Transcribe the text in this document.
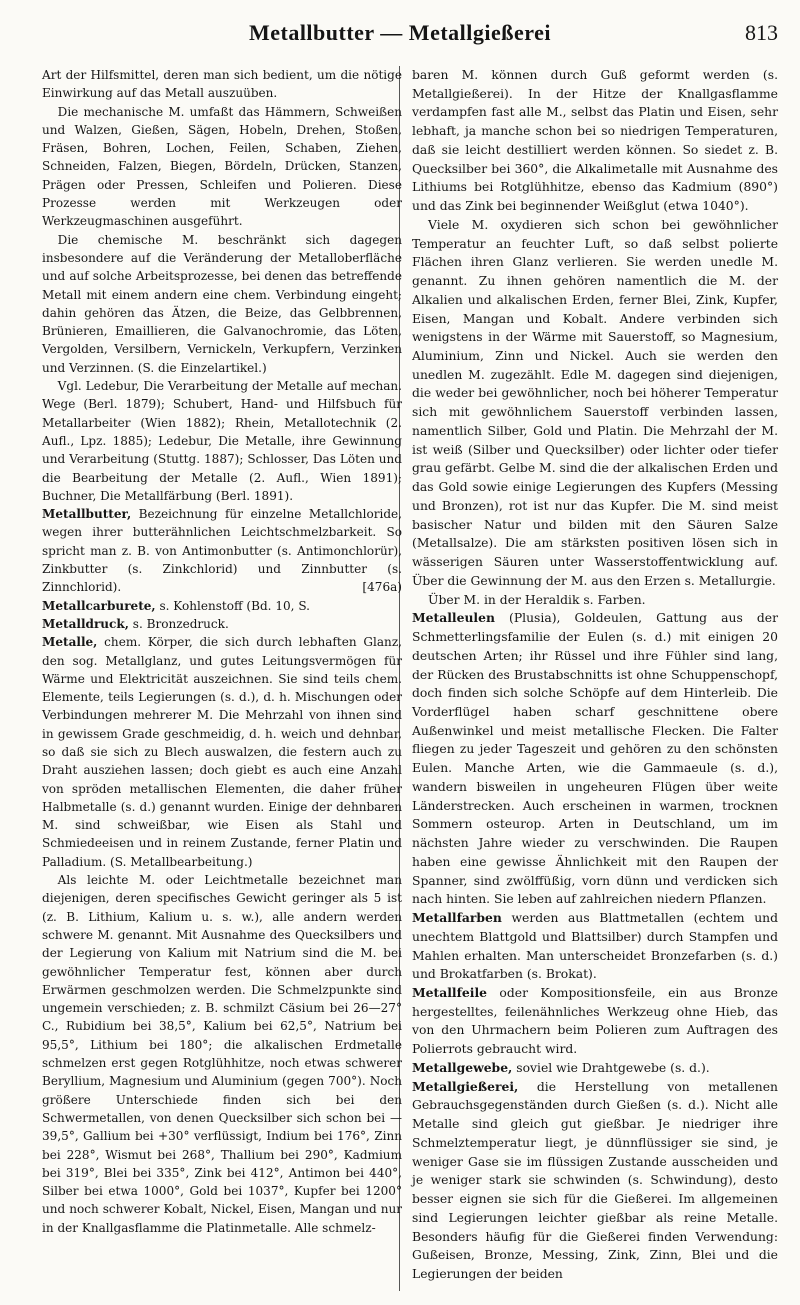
Metallbutter — Metallgießerei	813

Art der Hilfsmittel, deren man sich bedient, um die nötige Einwirkung auf das Metall auszuüben.

Die mechanische M. umfaßt das Hämmern, Schweißen und Walzen, Gießen, Sägen, Hobeln, Drehen, Stoßen, Fräsen, Bohren, Lochen, Feilen, Schaben, Ziehen, Schneiden, Falzen, Biegen, Bördeln, Drücken, Stanzen, Prägen oder Pressen, Schleifen und Polieren. Diese Prozesse werden mit Werkzeugen oder Werkzeugmaschinen ausgeführt.

Die chemische M. beschränkt sich dagegen insbesondere auf die Veränderung der Metalloberfläche und auf solche Arbeitsprozesse, bei denen das betreffende Metall mit einem andern eine chem. Verbindung eingeht; dahin gehören das Ätzen, die Beize, das Gelbbrennen, Brünieren, Emaillieren, die Galvanochromie, das Löten, Vergolden, Versilbern, Vernickeln, Verkupfern, Verzinken und Verzinnen. (S. die Einzelartikel.)

Vgl. Ledebur, Die Verarbeitung der Metalle auf mechan. Wege (Berl. 1879); Schubert, Hand- und Hilfsbuch für Metallarbeiter (Wien 1882); Rhein, Metallotechnik (2. Aufl., Lpz. 1885); Ledebur, Die Metalle, ihre Gewinnung und Verarbeitung (Stuttg. 1887); Schlosser, Das Löten und die Bearbeitung der Metalle (2. Aufl., Wien 1891); Buchner, Die Metallfärbung (Berl. 1891).

Metallbutter, Bezeichnung für einzelne Metallchloride, wegen ihrer butterähnlichen Leichtschmelzbarkeit. So spricht man z. B. von Antimonbutter (s. Antimonchlorür), Zinkbutter (s. Zinkchlorid) und Zinnbutter (s. Zinnchlorid).	[476a)

Metallcarburete, s. Kohlenstoff (Bd. 10, S.

Metalldruck, s. Bronzedruck.

Metalle, chem. Körper, die sich durch lebhaften Glanz, den sog. Metallglanz, und gutes Leitungsvermögen für Wärme und Elektricität auszeichnen. Sie sind teils chem. Elemente, teils Legierungen (s. d.), d. h. Mischungen oder Verbindungen mehrerer M. Die Mehrzahl von ihnen sind in gewissem Grade geschmeidig, d. h. weich und dehnbar, so daß sie sich zu Blech auswalzen, die festern auch zu Draht ausziehen lassen; doch giebt es auch eine Anzahl von spröden metallischen Elementen, die daher früher Halbmetalle (s. d.) genannt wurden. Einige der dehnbaren M. sind schweißbar, wie Eisen als Stahl und Schmiedeeisen und in reinem Zustande, ferner Platin und Palladium. (S. Metallbearbeitung.)

Als leichte M. oder Leichtmetalle bezeichnet man diejenigen, deren specifisches Gewicht geringer als 5 ist (z. B. Lithium, Kalium u. s. w.), alle andern werden schwere M. genannt. Mit Ausnahme des Quecksilbers und der Legierung von Kalium mit Natrium sind die M. bei gewöhnlicher Temperatur fest, können aber durch Erwärmen geschmolzen werden. Die Schmelzpunkte sind ungemein verschieden; z. B. schmilzt Cäsium bei 26—27° C., Rubidium bei 38,5°, Kalium bei 62,5°, Natrium bei 95,5°, Lithium bei 180°; die alkalischen Erdmetalle schmelzen erst gegen Rotglühhitze, noch etwas schwerer Beryllium, Magnesium und Aluminium (gegen 700°). Noch größere Unterschiede finden sich bei den Schwermetallen, von denen Quecksilber sich schon bei —39,5°, Gallium bei +30° verflüssigt, Indium bei 176°, Zinn bei 228°, Wismut bei 268°, Thallium bei 290°, Kadmium bei 319°, Blei bei 335°, Zink bei 412°, Antimon bei 440°, Silber bei etwa 1000°, Gold bei 1037°, Kupfer bei 1200° und noch schwerer Kobalt, Nickel, Eisen, Mangan und nur in der Knallgasflamme die Platinmetalle. Alle schmelz-

baren M. können durch Guß geformt werden (s. Metallgießerei). In der Hitze der Knallgasflamme verdampfen fast alle M., selbst das Platin und Eisen, sehr lebhaft, ja manche schon bei so niedrigen Temperaturen, daß sie leicht destilliert werden können. So siedet z. B. Quecksilber bei 360°, die Alkalimetalle mit Ausnahme des Lithiums bei Rotglühhitze, ebenso das Kadmium (890°) und das Zink bei beginnender Weißglut (etwa 1040°).

Viele M. oxydieren sich schon bei gewöhnlicher Temperatur an feuchter Luft, so daß selbst polierte Flächen ihren Glanz verlieren. Sie werden unedle M. genannt. Zu ihnen gehören namentlich die M. der Alkalien und alkalischen Erden, ferner Blei, Zink, Kupfer, Eisen, Mangan und Kobalt. Andere verbinden sich wenigstens in der Wärme mit Sauerstoff, so Magnesium, Aluminium, Zinn und Nickel. Auch sie werden den unedlen M. zugezählt. Edle M. dagegen sind diejenigen, die weder bei gewöhnlicher, noch bei höherer Temperatur sich mit gewöhnlichem Sauerstoff verbinden lassen, namentlich Silber, Gold und Platin. Die Mehrzahl der M. ist weiß (Silber und Quecksilber) oder lichter oder tiefer grau gefärbt. Gelbe M. sind die der alkalischen Erden und das Gold sowie einige Legierungen des Kupfers (Messing und Bronzen), rot ist nur das Kupfer. Die M. sind meist basischer Natur und bilden mit den Säuren Salze (Metallsalze). Die am stärksten positiven lösen sich in wässerigen Säuren unter Wasserstoffentwicklung auf. Über die Gewinnung der M. aus den Erzen s. Metallurgie.

Über M. in der Heraldik s. Farben.

Metalleulen (Plusia), Goldeulen, Gattung aus der Schmetterlingsfamilie der Eulen (s. d.) mit einigen 20 deutschen Arten; ihr Rüssel und ihre Fühler sind lang, der Rücken des Brustabschnitts ist ohne Schuppenschopf, doch finden sich solche Schöpfe auf dem Hinterleib. Die Vorderflügel haben scharf geschnittene obere Außenwinkel und meist metallische Flecken. Die Falter fliegen zu jeder Tageszeit und gehören zu den schönsten Eulen. Manche Arten, wie die Gammaeule (s. d.), wandern bisweilen in ungeheuren Flügen über weite Länderstrecken. Auch erscheinen in warmen, trocknen Sommern osteurop. Arten in Deutschland, um im nächsten Jahre wieder zu verschwinden. Die Raupen haben eine gewisse Ähnlichkeit mit den Raupen der Spanner, sind zwölffüßig, vorn dünn und verdicken sich nach hinten. Sie leben auf zahlreichen niedern Pflanzen.

Metallfarben werden aus Blattmetallen (echtem und unechtem Blattgold und Blattsilber) durch Stampfen und Mahlen erhalten. Man unterscheidet Bronzefarben (s. d.) und Brokatfarben (s. Brokat).

Metallfeile oder Kompositionsfeile, ein aus Bronze hergestelltes, feilenähnliches Werkzeug ohne Hieb, das von den Uhrmachern beim Polieren zum Auftragen des Polierrots gebraucht wird.

Metallgewebe, soviel wie Drahtgewebe (s. d.).

Metallgießerei, die Herstellung von metallenen Gebrauchsgegenständen durch Gießen (s. d.). Nicht alle Metalle sind gleich gut gießbar. Je niedriger ihre Schmelztemperatur liegt, je dünnflüssiger sie sind, je weniger Gase sie im flüssigen Zustande ausscheiden und je weniger stark sie schwinden (s. Schwindung), desto besser eignen sie sich für die Gießerei. Im allgemeinen sind Legierungen leichter gießbar als reine Metalle. Besonders häufig für die Gießerei finden Verwendung: Gußeisen, Bronze, Messing, Zink, Zinn, Blei und die Legierungen der beiden
